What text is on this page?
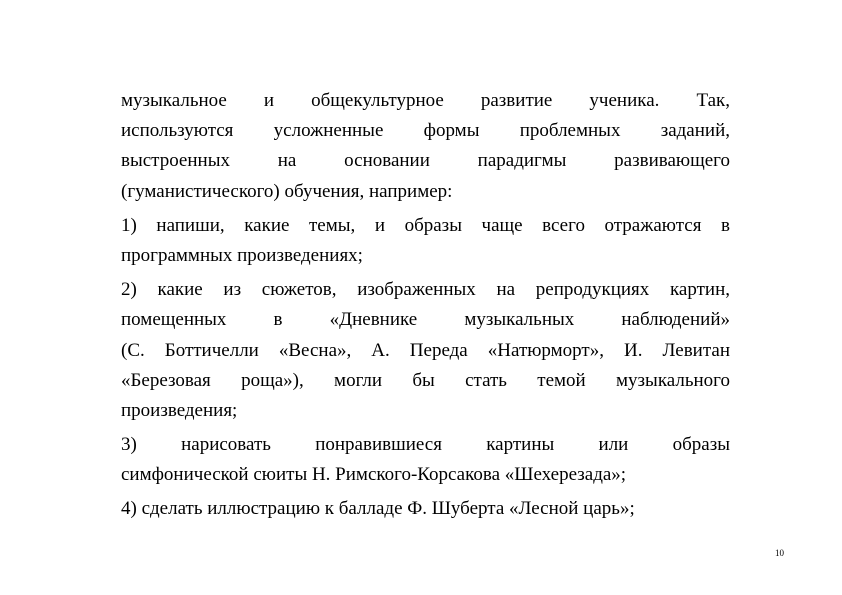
музыкальное и общекультурное развитие ученика. Так,
используются усложненные формы проблемных заданий,
выстроенных на основании парадигмы развивающего
(гуманистического) обучения, например:
1) напиши, какие темы, и образы чаще всего отражаются в
программных произведениях;
2) какие из сюжетов, изображенных на репродукциях картин,
помещенных в «Дневнике музыкальных наблюдений»
(С. Боттичелли «Весна», А. Переда «Натюрморт», И. Левитан
«Березовая роща»), могли бы стать темой музыкального
произведения;
3) нарисовать понравившиеся картины или образы
симфонической сюиты Н. Римского-Корсакова «Шехерезада»;
4) сделать иллюстрацию к балладе Ф. Шуберта «Лесной царь»;
10
